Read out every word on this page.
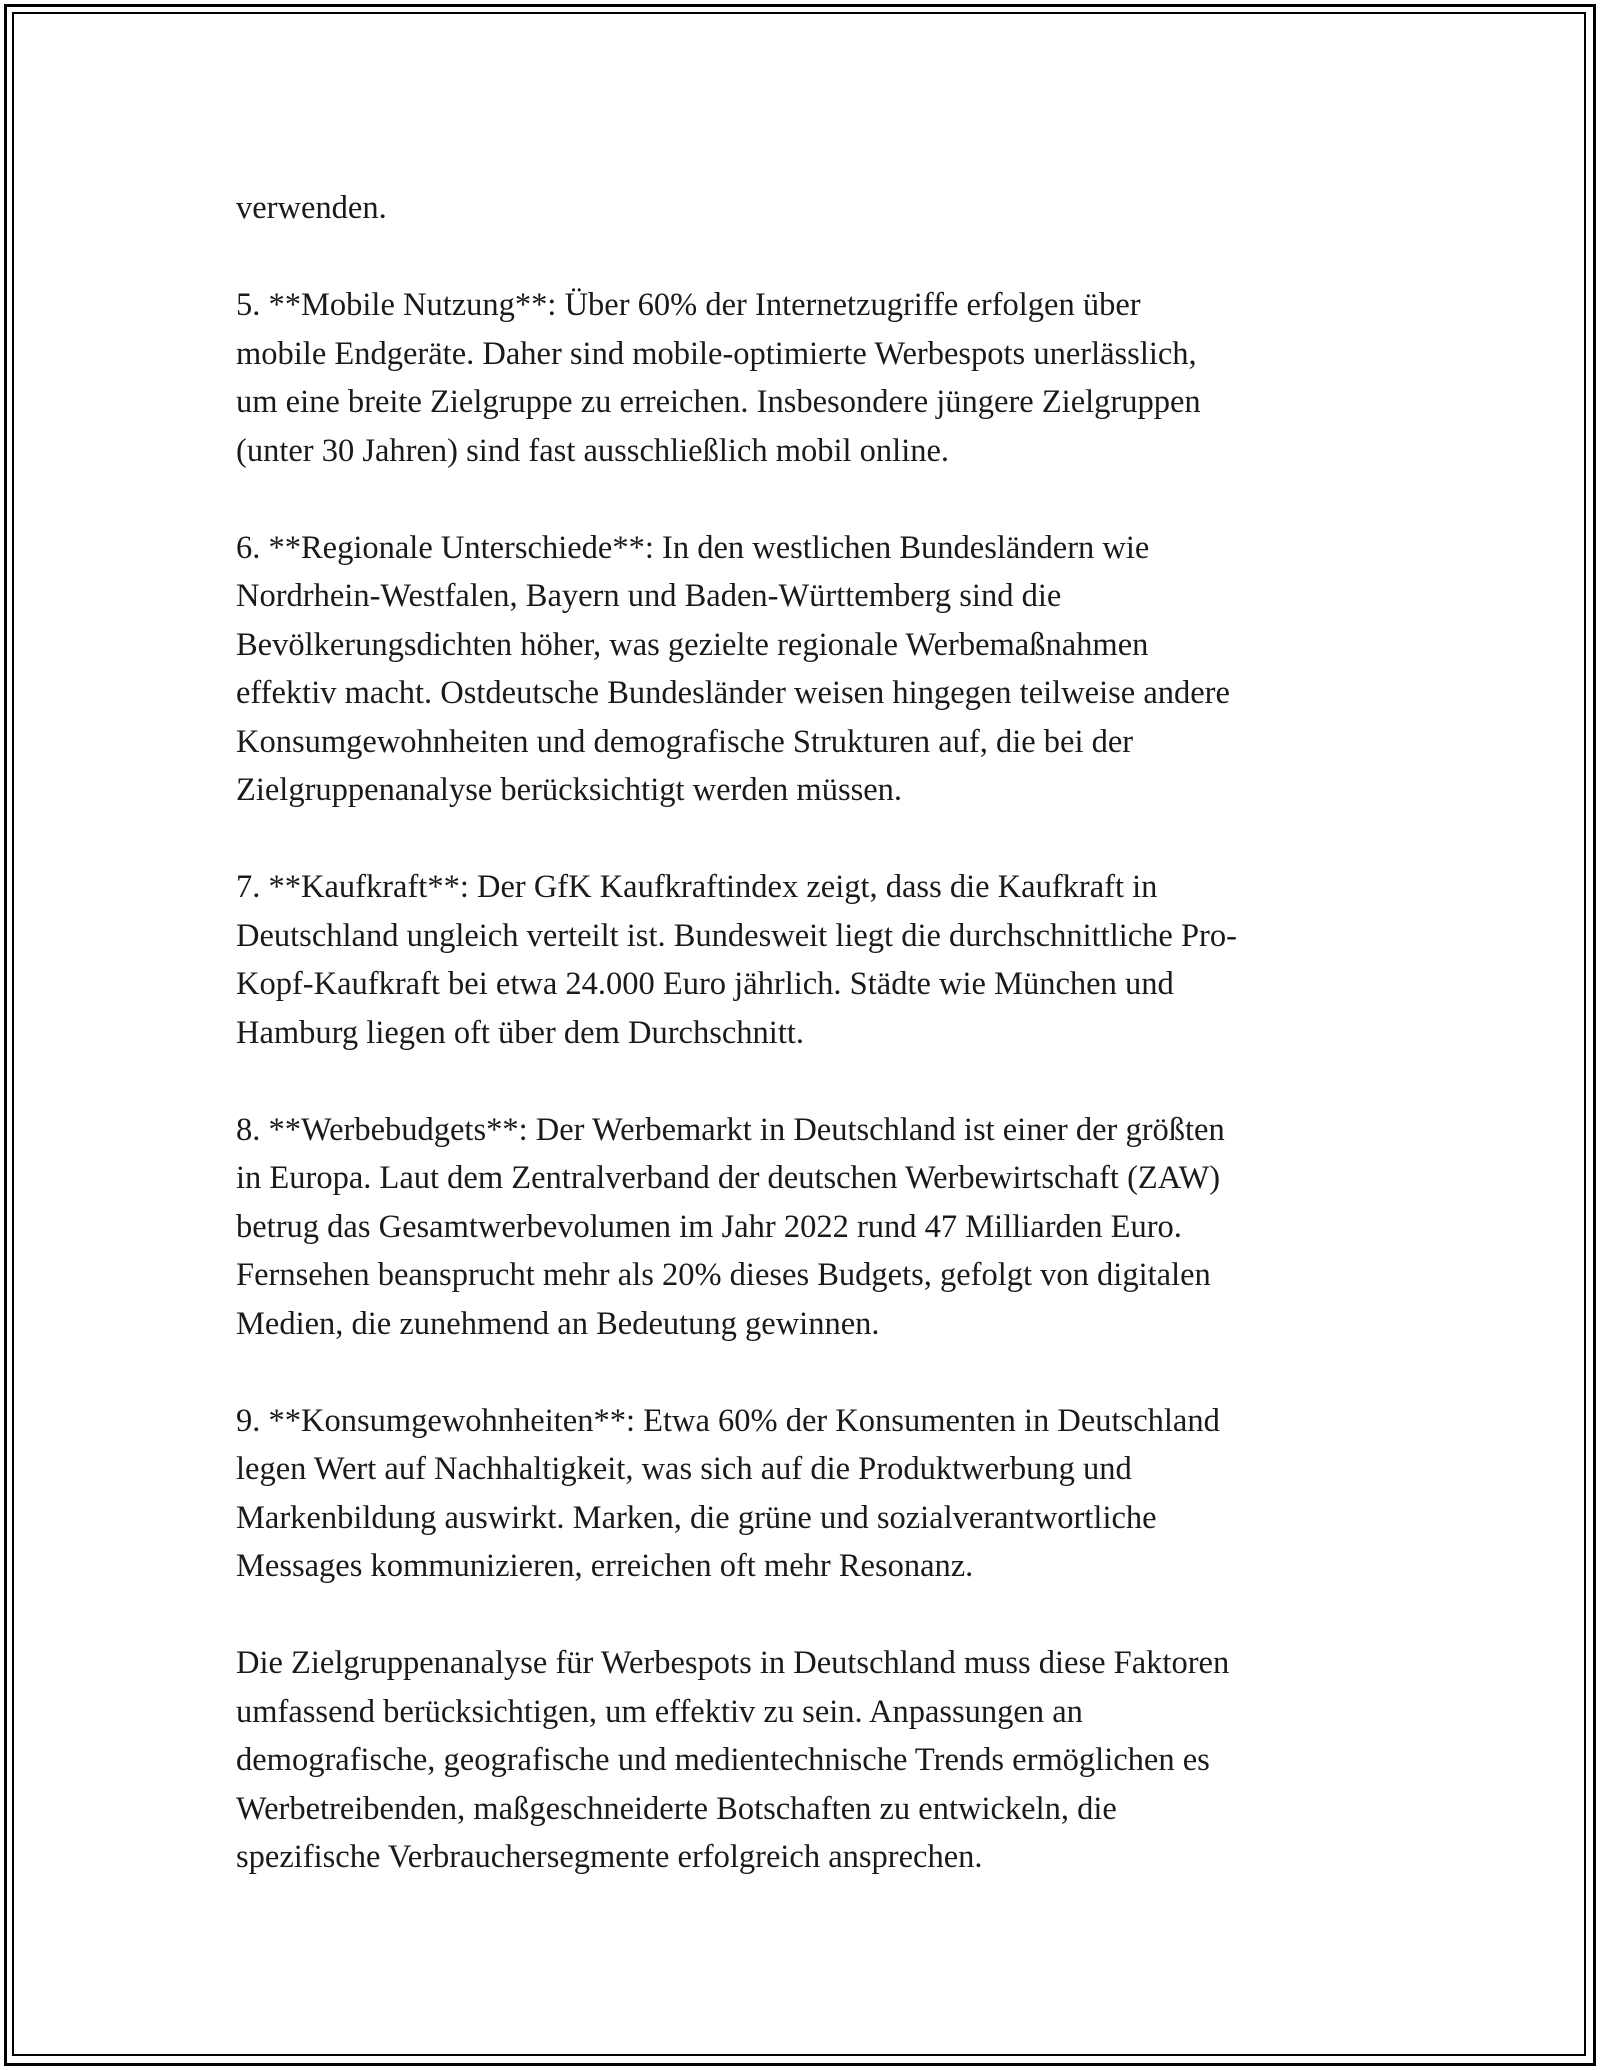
verwenden.

5. **Mobile Nutzung**: Über 60% der Internetzugriffe erfolgen über
mobile Endgeräte. Daher sind mobile-optimierte Werbespots unerlässlich,
um eine breite Zielgruppe zu erreichen. Insbesondere jüngere Zielgruppen
(unter 30 Jahren) sind fast ausschließlich mobil online.

6. **Regionale Unterschiede**: In den westlichen Bundesländern wie
Nordrhein-Westfalen, Bayern und Baden-Württemberg sind die
Bevölkerungsdichten höher, was gezielte regionale Werbemaßnahmen
effektiv macht. Ostdeutsche Bundesländer weisen hingegen teilweise andere
Konsumgewohnheiten und demografische Strukturen auf, die bei der
Zielgruppenanalyse berücksichtigt werden müssen.

7. **Kaufkraft**: Der GfK Kaufkraftindex zeigt, dass die Kaufkraft in
Deutschland ungleich verteilt ist. Bundesweit liegt die durchschnittliche Pro-
Kopf-Kaufkraft bei etwa 24.000 Euro jährlich. Städte wie München und
Hamburg liegen oft über dem Durchschnitt.

8. **Werbebudgets**: Der Werbemarkt in Deutschland ist einer der größten
in Europa. Laut dem Zentralverband der deutschen Werbewirtschaft (ZAW)
betrug das Gesamtwerbevolumen im Jahr 2022 rund 47 Milliarden Euro.
Fernsehen beansprucht mehr als 20% dieses Budgets, gefolgt von digitalen
Medien, die zunehmend an Bedeutung gewinnen.

9. **Konsumgewohnheiten**: Etwa 60% der Konsumenten in Deutschland
legen Wert auf Nachhaltigkeit, was sich auf die Produktwerbung und
Markenbildung auswirkt. Marken, die grüne und sozialverantwortliche
Messages kommunizieren, erreichen oft mehr Resonanz.

Die Zielgruppenanalyse für Werbespots in Deutschland muss diese Faktoren
umfassend berücksichtigen, um effektiv zu sein. Anpassungen an
demografische, geografische und medientechnische Trends ermöglichen es
Werbetreibenden, maßgeschneiderte Botschaften zu entwickeln, die
spezifische Verbrauchersegmente erfolgreich ansprechen.
